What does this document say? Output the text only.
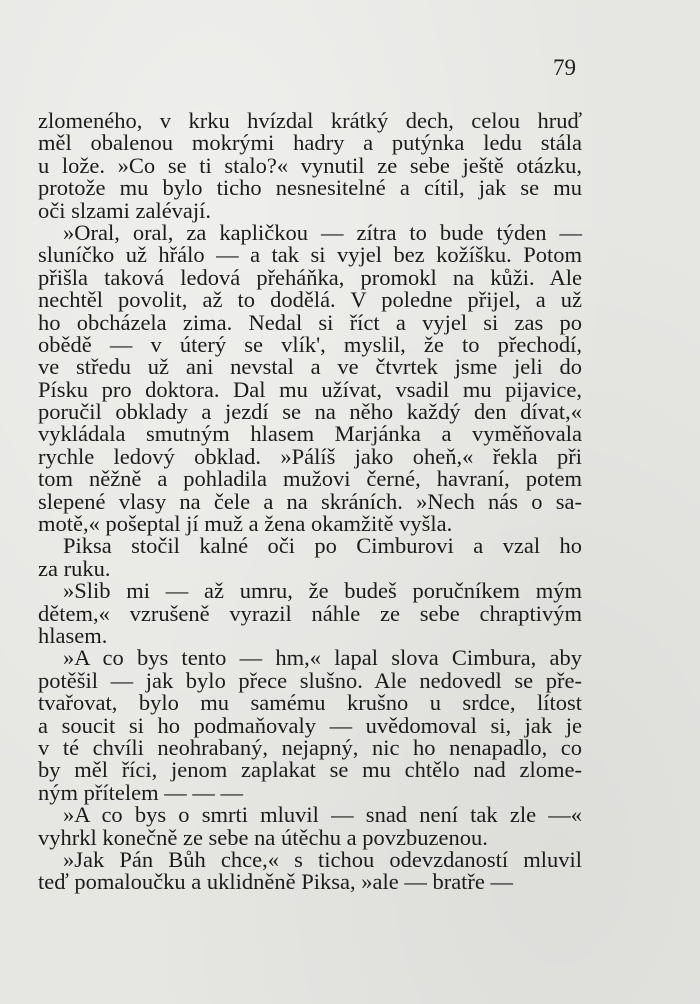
79
zlomeného, v krku hvízdal krátký dech, celou hruď
měl obalenou mokrými hadry a putýnka ledu stála
u lože. »Co se ti stalo?« vynutil ze sebe ještě otázku,
protože mu bylo ticho nesnesitelné a cítil, jak se mu
oči slzami zalévají.
»Oral, oral, za kapličkou — zítra to bude týden —
sluníčko už hřálo — a tak si vyjel bez kožíšku. Potom
přišla taková ledová přeháňka, promokl na kůži. Ale
nechtěl povolit, až to dodělá. V poledne přijel, a už
ho obcházela zima. Nedal si říct a vyjel si zas po
obědě — v úterý se vlík', myslil, že to přechodí,
ve středu už ani nevstal a ve čtvrtek jsme jeli do
Písku pro doktora. Dal mu užívat, vsadil mu pijavice,
poručil obklady a jezdí se na něho každý den dívat,«
vykládala smutným hlasem Marjánka a vyměňovala
rychle ledový obklad. »Pálíš jako oheň,« řekla při
tom něžně a pohladila mužovi černé, havraní, potem
slepené vlasy na čele a na skráních. »Nech nás o sa-
motě,« pošeptal jí muž a žena okamžitě vyšla.
Piksa stočil kalné oči po Cimburovi a vzal ho
za ruku.
»Slib mi — až umru, že budeš poručníkem mým
dětem,« vzrušeně vyrazil náhle ze sebe chraptivým
hlasem.
»A co bys tento — hm,« lapal slova Cimbura, aby
potěšil — jak bylo přece slušno. Ale nedovedl se pře-
tvařovat, bylo mu samému krušno u srdce, lítost
a soucit si ho podmaňovaly — uvědomoval si, jak je
v té chvíli neohrabaný, nejapný, nic ho nenapadlo, co
by měl říci, jenom zaplakat se mu chtělo nad zlome-
ným přítelem — — —
»A co bys o smrti mluvil — snad není tak zle —«
vyhrkl konečně ze sebe na útěchu a povzbuzenou.
»Jak Pán Bůh chce,« s tichou odevzdaností mluvil
teď pomaloučku a uklidněně Piksa, »ale — bratře —
